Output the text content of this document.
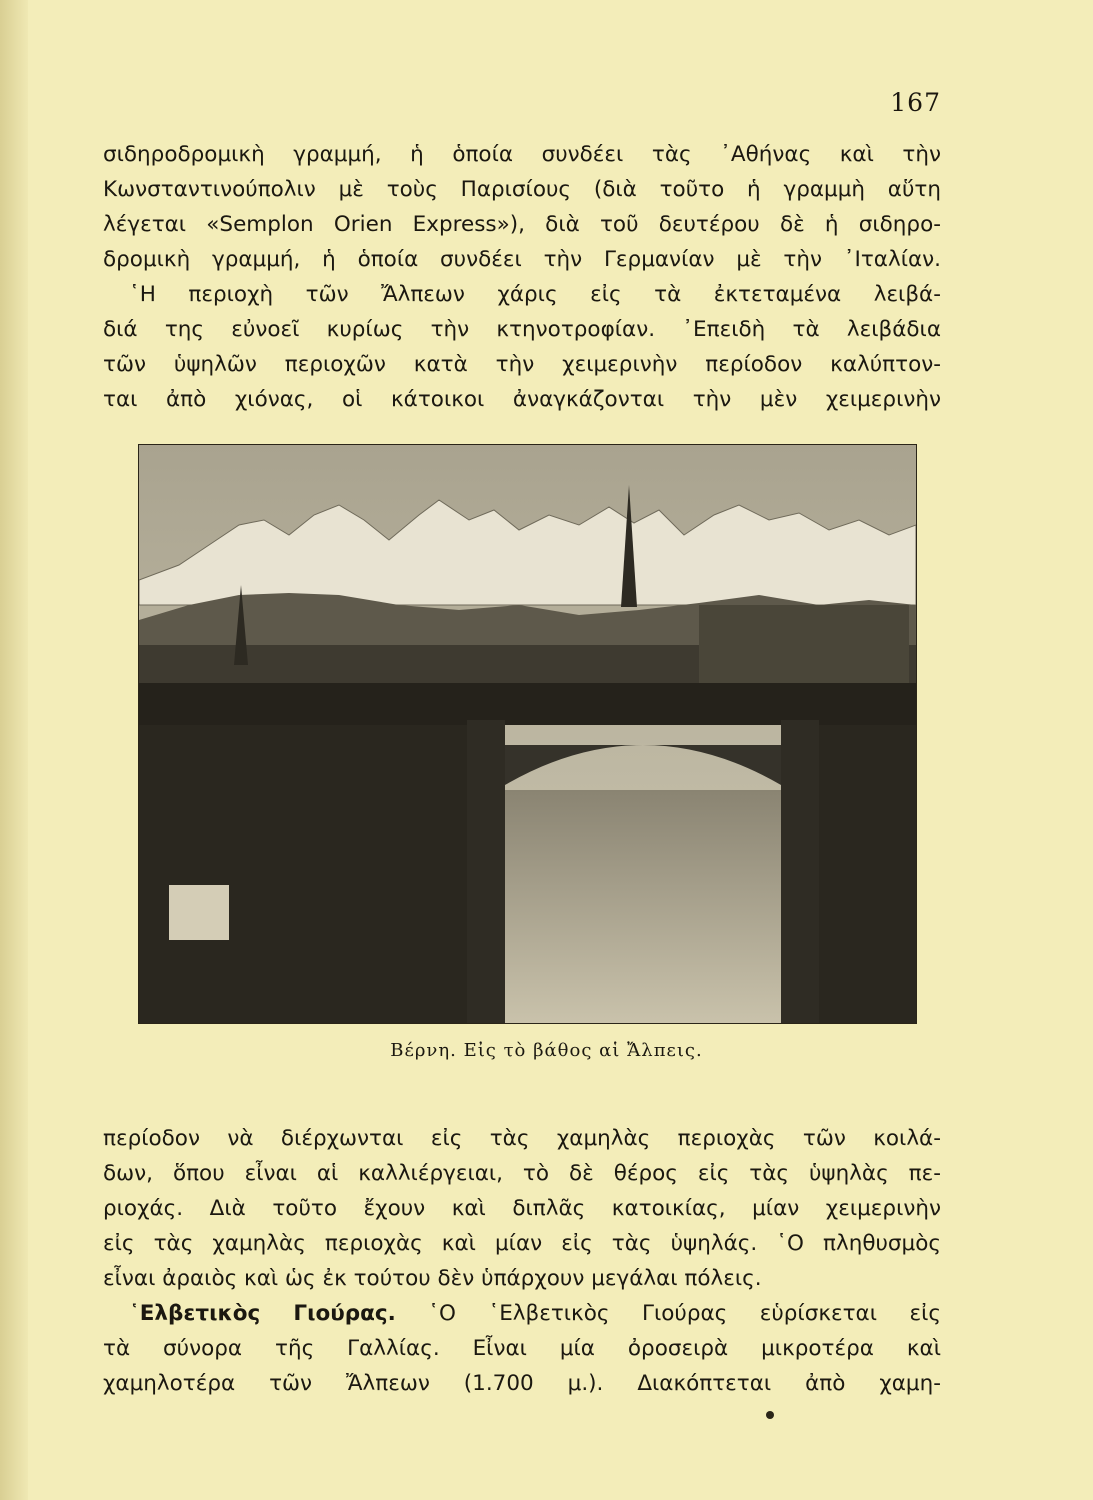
167
σιδηροδρομικὴ γραμμή, ἡ ὁποία συνδέει τὰς ᾿Αθήνας καὶ τὴν
Κωνσταντινούπολιν μὲ τοὺς Παρισίους (διὰ τοῦτο ἡ γραμμὴ αὕτη
λέγεται «Semplon Orien Express»), διὰ τοῦ δευτέρου δὲ ἡ σιδηρο-
δρομικὴ γραμμή, ἡ ὁποία συνδέει τὴν Γερμανίαν μὲ τὴν ᾿Ιταλίαν.
῾Η περιοχὴ τῶν Ἄλπεων χάρις εἰς τὰ ἐκτεταμένα λειβά-
διά της εὐνοεῖ κυρίως τὴν κτηνοτροφίαν. ᾿Επειδὴ τὰ λειβάδια
τῶν ὑψηλῶν περιοχῶν κατὰ τὴν χειμερινὴν περίοδον καλύπτον-
ται ἀπὸ χιόνας, οἱ κάτοικοι ἀναγκάζονται τὴν μὲν χειμερινὴν
Βέρνη. Εἰς τὸ βάθος αἱ Ἄλπεις.
περίοδον νὰ διέρχωνται εἰς τὰς χαμηλὰς περιοχὰς τῶν κοιλά-
δων, ὅπου εἶναι αἱ καλλιέργειαι, τὸ δὲ θέρος εἰς τὰς ὑψηλὰς πε-
ριοχάς. Διὰ τοῦτο ἔχουν καὶ διπλᾶς κατοικίας, μίαν χειμερινὴν
εἰς τὰς χαμηλὰς περιοχὰς καὶ μίαν εἰς τὰς ὑψηλάς. ῾Ο πληθυσμὸς
εἶναι ἀραιὸς καὶ ὡς ἐκ τούτου δὲν ὑπάρχουν μεγάλαι πόλεις.
῾Ελβετικὸς Γιούρας. ῾Ο ῾Ελβετικὸς Γιούρας εὑρίσκεται εἰς
τὰ σύνορα τῆς Γαλλίας. Εἶναι μία ὀροσειρὰ μικροτέρα καὶ
χαμηλοτέρα τῶν Ἄλπεων (1.700 μ.). Διακόπτεται ἀπὸ χαμη-
